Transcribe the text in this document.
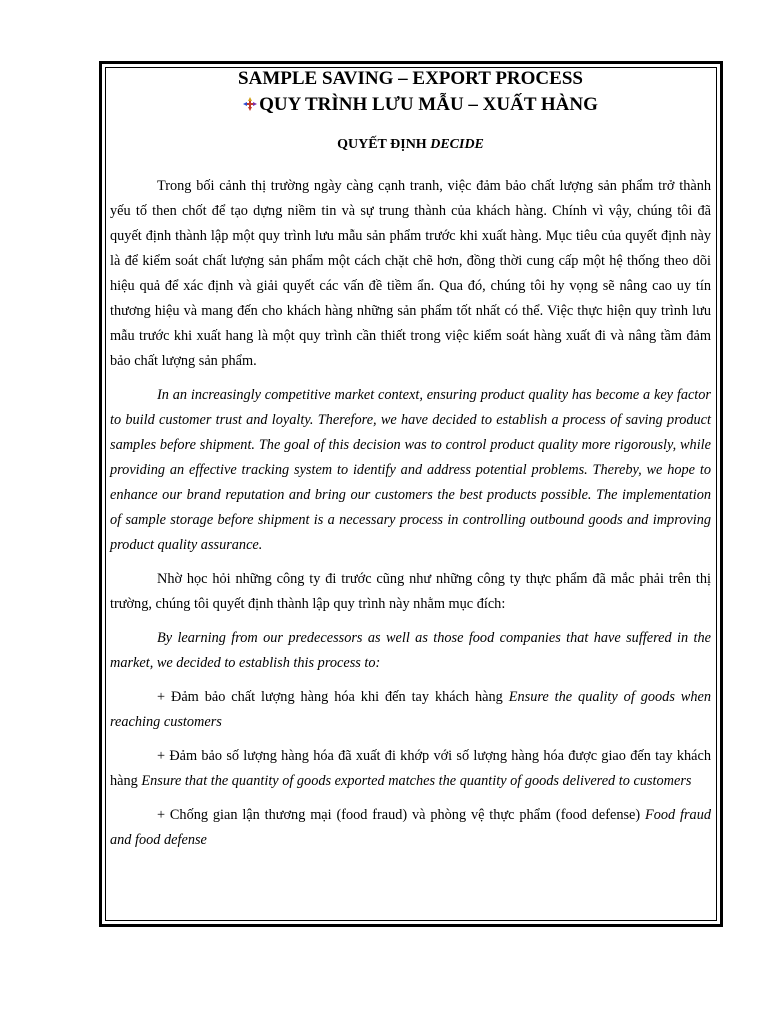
SAMPLE SAVING – EXPORT PROCESS
QUY TRÌNH LƯU MẪU – XUẤT HÀNG
QUYẾT ĐỊNH DECIDE

Trong bối cảnh thị trường ngày càng cạnh tranh, việc đảm bảo chất lượng sản phẩm trở thành yếu tố then chốt để tạo dựng niềm tin và sự trung thành của khách hàng. Chính vì vậy, chúng tôi đã quyết định thành lập một quy trình lưu mẫu sản phẩm trước khi xuất hàng. Mục tiêu của quyết định này là để kiểm soát chất lượng sản phẩm một cách chặt chẽ hơn, đồng thời cung cấp một hệ thống theo dõi hiệu quả để xác định và giải quyết các vấn đề tiềm ẩn. Qua đó, chúng tôi hy vọng sẽ nâng cao uy tín thương hiệu và mang đến cho khách hàng những sản phẩm tốt nhất có thể. Việc thực hiện quy trình lưu mẫu trước khi xuất hang là một quy trình cần thiết trong việc kiểm soát hàng xuất đi và nâng tầm đảm bảo chất lượng sản phẩm.

In an increasingly competitive market context, ensuring product quality has become a key factor to build customer trust and loyalty. Therefore, we have decided to establish a process of saving product samples before shipment. The goal of this decision was to control product quality more rigorously, while providing an effective tracking system to identify and address potential problems. Thereby, we hope to enhance our brand reputation and bring our customers the best products possible. The implementation of sample storage before shipment is a necessary process in controlling outbound goods and improving product quality assurance.

Nhờ học hỏi những công ty đi trước cũng như những công ty thực phẩm đã mắc phải trên thị trường, chúng tôi quyết định thành lập quy trình này nhằm mục đích:

By learning from our predecessors as well as those food companies that have suffered in the market, we decided to establish this process to:

+ Đảm bảo chất lượng hàng hóa khi đến tay khách hàng Ensure the quality of goods when reaching customers

+ Đảm bảo số lượng hàng hóa đã xuất đi khớp với số lượng hàng hóa được giao đến tay khách hàng Ensure that the quantity of goods exported matches the quantity of goods delivered to customers

+ Chống gian lận thương mại (food fraud) và phòng vệ thực phẩm (food defense) Food fraud and food defense
